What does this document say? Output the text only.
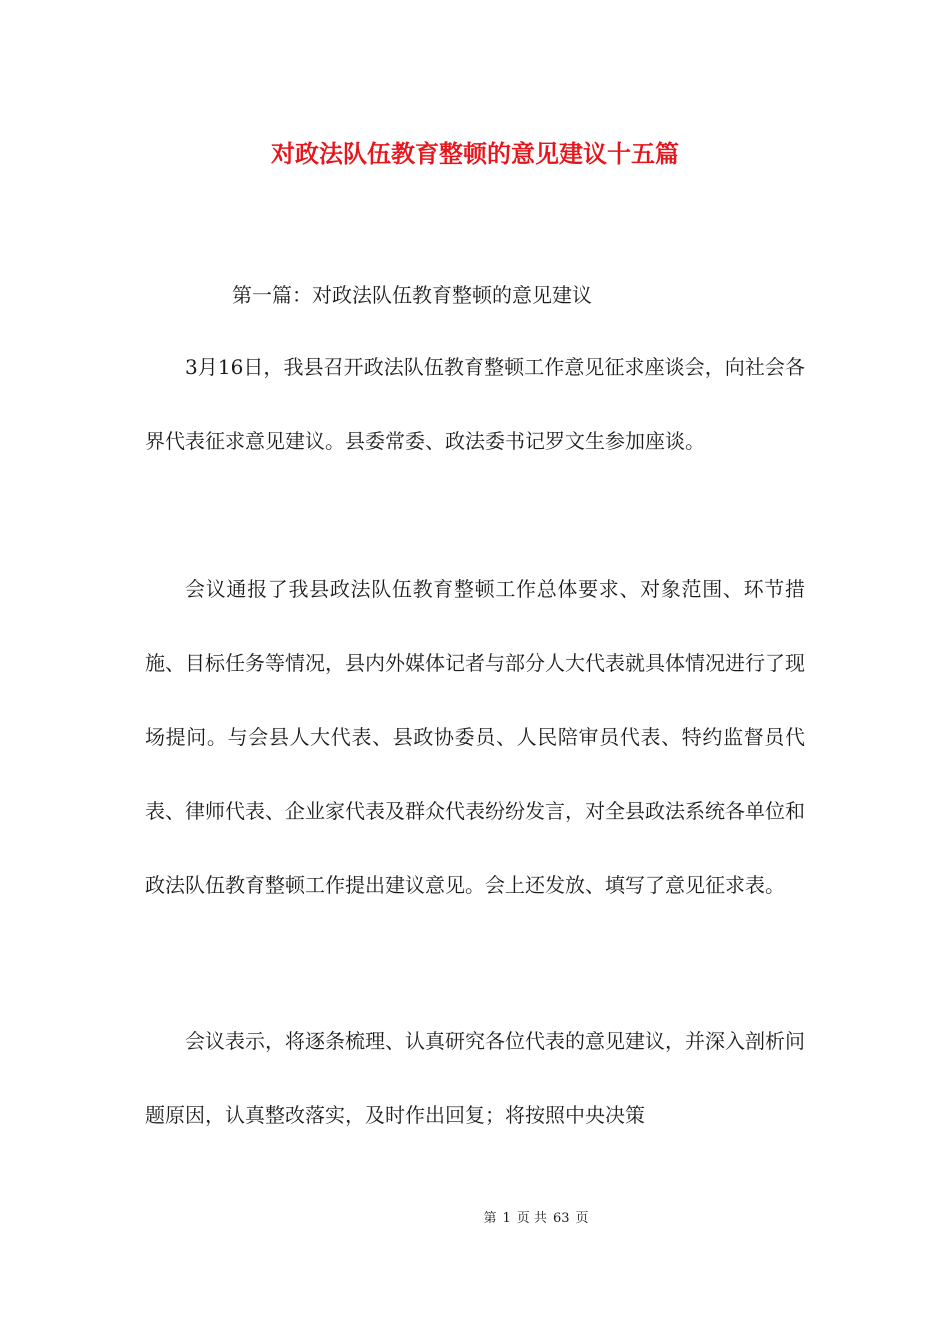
对政法队伍教育整顿的意见建议十五篇

第一篇：对政法队伍教育整顿的意见建议

3月16日，我县召开政法队伍教育整顿工作意见征求座谈会，向社会各界代表征求意见建议。县委常委、政法委书记罗文生参加座谈。

会议通报了我县政法队伍教育整顿工作总体要求、对象范围、环节措施、目标任务等情况，县内外媒体记者与部分人大代表就具体情况进行了现场提问。与会县人大代表、县政协委员、人民陪审员代表、特约监督员代表、律师代表、企业家代表及群众代表纷纷发言，对全县政法系统各单位和政法队伍教育整顿工作提出建议意见。会上还发放、填写了意见征求表。

会议表示，将逐条梳理、认真研究各位代表的意见建议，并深入剖析问题原因，认真整改落实，及时作出回复；将按照中央决策

第 1 页 共 63 页
